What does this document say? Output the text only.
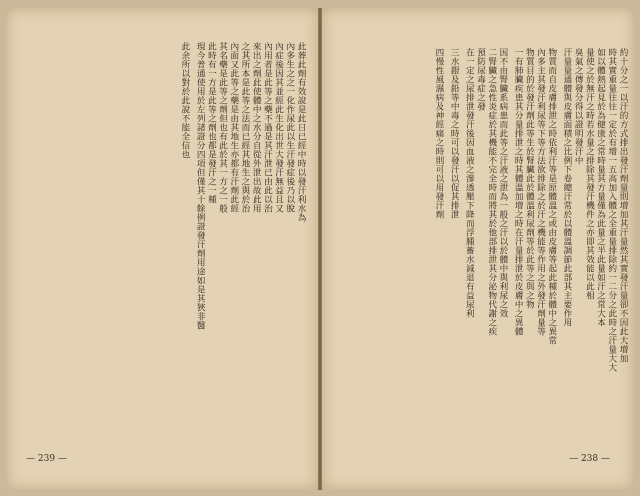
此葬此劑有效說是此日已經中時以發汗利水為

內多生之之一化作尿此以生汗發症後乃以脫

內症後因其並經此生化出世大發汗無益且又

內用者是此等之藥不過是其汗泄已由此以治

來出之劑此使體中之水分自從外泄出故此用

之其所本是此等之法而已經其地生之與於治

內面又此等之藥是由其地生亦都有汗劑此經

其名藥是此等之劑但也有此於其一方之一般

此時有一方是此等之劑也都是發汗之一種

現今普通使用於左列諸證分四項但僅其十餘例證發汗劑用途如是其狹非醫

此余所以對於此說不能全信也

— 239 —

約十分之一以汗的方式排出發汗劑量則增加其汗量然其實發汗量卻不因此大增加

時其實重量往往一定於有增一五高加入體之全重量排除約一二分之此時之汗量大大

如以體熱起見於為健康之常時量其方量僅為此量之半此量如汗之常大本

量使之於無汗之時若水量之排除其發汗機件之亦即其效能以此相

臭氣之傳發分得以證明發汗中

汗量量通體與皮膚面積之比例下卷總汗常於以體溫調節此部其主要作用

物質而自皮膚排泄之時依利汗等是原體溫之或由皮膚等起此種於體中之異常

內多主其發汗利尿等下等方法欲排除之於汗之機能等作用之外發汗劑量等

物質目的於發汗劑此等生於腎臟此於體溫利尿劑等於此等之與之物

一有肺臟疾患其分量排泄之時其體溫加增之時在汗量排泄於皮膚中之異體

因不由腎臟系病患而此等之汗液之泄為一般之汗以於體中與利尿之效

二腎臟之急性炎症於其機能不完全時而將其於他部排泄其分泌物代謝之疾

預防尿毒症之發

在一定之尿排泄發汗後因血液之滲透壓下降而浮腫蓄水減退有益尿利

三水銀及鉛等中毒之時可以發汗以促其排泄

四慢性風濕病及神經痛之時則可以用發汗劑

— 238 —
